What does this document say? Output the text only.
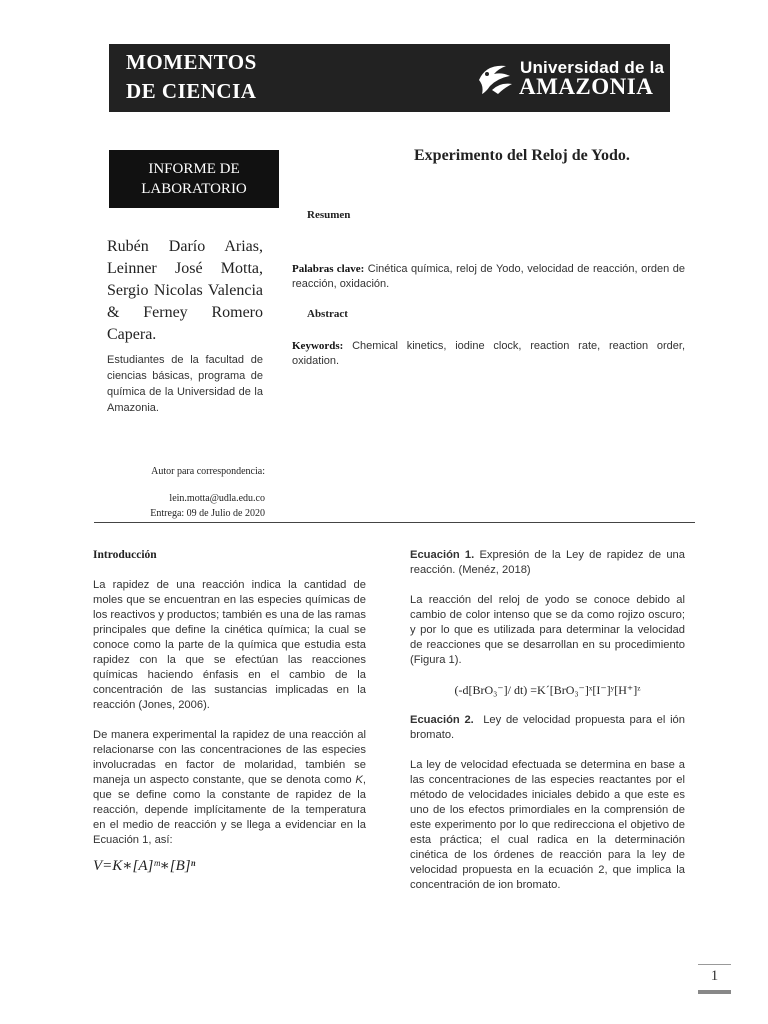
MOMENTOS
DE CIENCIA
Universidad de la
AMAZONIA
INFORME DE
LABORATORIO
Experimento del Reloj de Yodo.
Resumen
Palabras clave: Cinética química, reloj de Yodo, velocidad de reacción, orden de reacción, oxidación.
Abstract
Keywords: Chemical kinetics, iodine clock, reaction rate, reaction order, oxidation.
Rubén Darío Arias, Leinner José Motta, Sergio Nicolas Valencia & Ferney Romero Capera.
Estudiantes de la facultad de ciencias básicas, programa de química de la Universidad de la Amazonia.
Autor para correspondencia:
lein.motta@udla.edu.co
Entrega: 09 de Julio de 2020

Introducción

La rapidez de una reacción indica la cantidad de moles que se encuentran en las especies químicas de los reactivos y productos; también es una de las ramas principales que define la cinética química; la cual se conoce como la parte de la química que estudia esta rapidez con la que se efectúan las reacciones químicas haciendo énfasis en el cambio de la concentración de las sustancias implicadas en la reacción (Jones, 2006).

De manera experimental la rapidez de una reacción al relacionarse con las concentraciones de las especies involucradas en factor de molaridad, también se maneja un aspecto constante, que se denota como K, que se define como la constante de rapidez de la reacción, depende implícitamente de la temperatura en el medio de reacción y se llega a evidenciar en la Ecuación 1, así:

V=K∗[A]ᵐ∗[B]ⁿ

Ecuación 1. Expresión de la Ley de rapidez de una reacción. (Menéz, 2018)

La reacción del reloj de yodo se conoce debido al cambio de color intenso que se da como rojizo oscuro; y por lo que es utilizada para determinar la velocidad de reacciones que se desarrollan en su procedimiento (Figura 1).

(-d[BrO₃⁻]/ dt) =K´[BrO₃⁻]ˣ[I⁻]ʸ[H⁺]ᶻ

Ecuación 2. Ley de velocidad propuesta para el ión bromato.

La ley de velocidad efectuada se determina en base a las concentraciones de las especies reactantes por el método de velocidades iniciales debido a que este es uno de los efectos primordiales en la comprensión de este experimento por lo que redirecciona el objetivo de esta práctica; el cual radica en la determinación cinética de los órdenes de reacción para la ley de velocidad propuesta en la ecuación 2, que implica la concentración de ion bromato.

1
